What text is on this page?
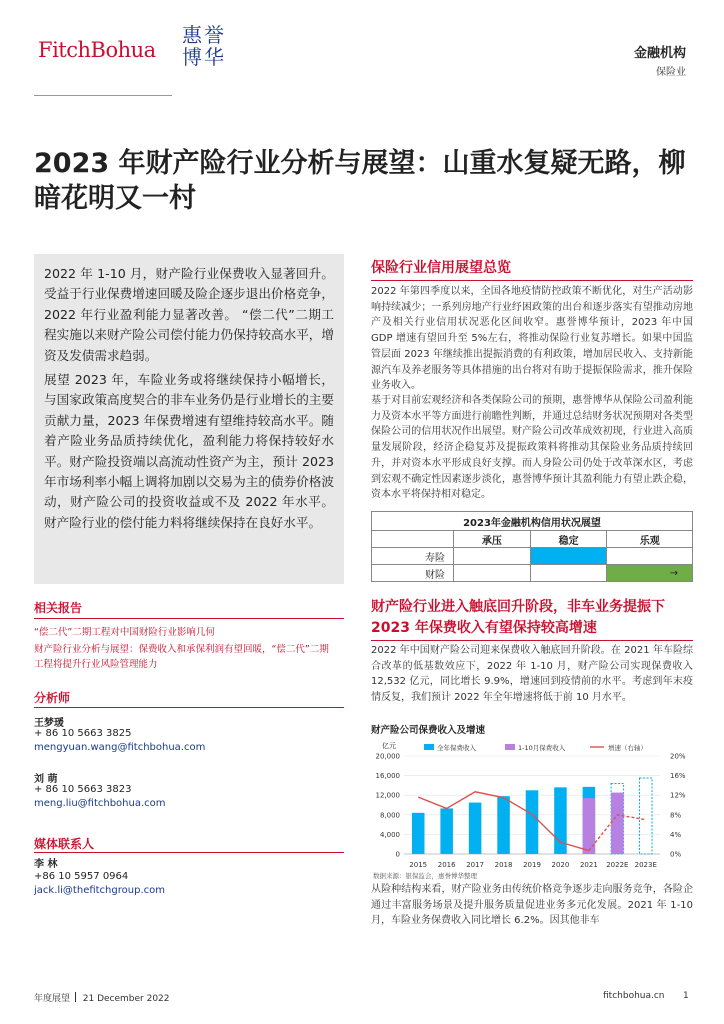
FitchBohua
惠誉
博华	金融机构
保险业
2023 年财产险行业分析与展望：山重水复疑无路，柳暗花明又一村

2022 年 1-10 月，财产险行业保费收入显著回升。受益于行业保费增速回暖及险企逐步退出价格竞争，2022 年行业盈利能力显著改善。 “偿二代”二期工程实施以来财产险公司偿付能力仍保持较高水平，增资及发债需求趋弱。

展望 2023 年，车险业务或将继续保持小幅增长，与国家政策高度契合的非车业务仍是行业增长的主要贡献力量，2023 年保费增速有望维持较高水平。随着产险业务品质持续优化，盈利能力将保持较好水平。财产险投资端以高流动性资产为主，预计 2023 年市场利率小幅上调将加剧以交易为主的债券价格波动，财产险公司的投资收益或不及 2022 年水平。财产险行业的偿付能力料将继续保持在良好水平。

相关报告
“偿二代”二期工程对中国财险行业影响几何
财产险行业分析与展望：保费收入和承保利润有望回暖，“偿二代”二期工程将提升行业风险管理能力
分析师
王梦瑗
+ 86 10 5663 3825
mengyuan.wang@fitchbohua.com
刘 萌
+ 86 10 5663 3823
meng.liu@fitchbohua.com
媒体联系人
李 林
+86 10 5957 0964
jack.li@thefitchgroup.com
保险行业信用展望总览
2022 年第四季度以来，全国各地疫情防控政策不断优化，对生产活动影响持续减少；一系列房地产行业纾困政策的出台和逐步落实有望推动房地产及相关行业信用状况恶化区间收窄。惠誉博华预计，2023 年中国 GDP 增速有望回升至 5%左右，将推动保险行业复苏增长。如果中国监管层面 2023 年继续推出提振消费的有利政策，增加居民收入、支持新能源汽车及养老服务等具体措施的出台将对有助于提振保险需求，推升保险业务收入。
基于对目前宏观经济和各类保险公司的预期，惠誉博华从保险公司盈利能力及资本水平等方面进行前瞻性判断，并通过总结财务状况预期对各类型保险公司的信用状况作出展望。财产险公司改革成效初现，行业进入高质量发展阶段，经济企稳复苏及提振政策料将推动其保险业务品质持续回升，并对资本水平形成良好支撑。而人身险公司仍处于改革深水区，考虑到宏观不确定性因素逐步淡化，惠誉博华预计其盈利能力有望止跌企稳，资本水平将保持相对稳定。
2023年金融机构信用状况展望			
	承压	稳定	乐观
寿险			
财险			→
财产险行业进入触底回升阶段，非车业务提振下 2023 年保费收入有望保持较高增速
2022 年中国财产险公司迎来保费收入触底回升阶段。在 2021 年车险综合改革的低基数效应下，2022 年 1-10 月，财产险公司实现保费收入 12,532 亿元，同比增长 9.9%，增速回到疫情前的水平。考虑到年末疫情反复，我们预计 2022 年全年增速将低于前 10 月水平。
财产险公司保费收入及增速
亿元
20,000
16,000
12,000
8,000
4,000
0
20%
16%
12%
8%
4%
0%
全年保费收入	1-10月保费收入	增速（右轴）
2015 2016 2017 2018 2019 2020 2021 2022E 2023E
数据来源：银保监会，惠誉博华整理
从险种结构来看，财产险业务由传统价格竞争逐步走向服务竞争，各险企通过丰富服务场景及提升服务质量促进业务多元化发展。2021 年 1-10 月，车险业务保费收入同比增长 6.2%。因其他非车
年度展望 21 December 2022	fitchbohua.cn 1
